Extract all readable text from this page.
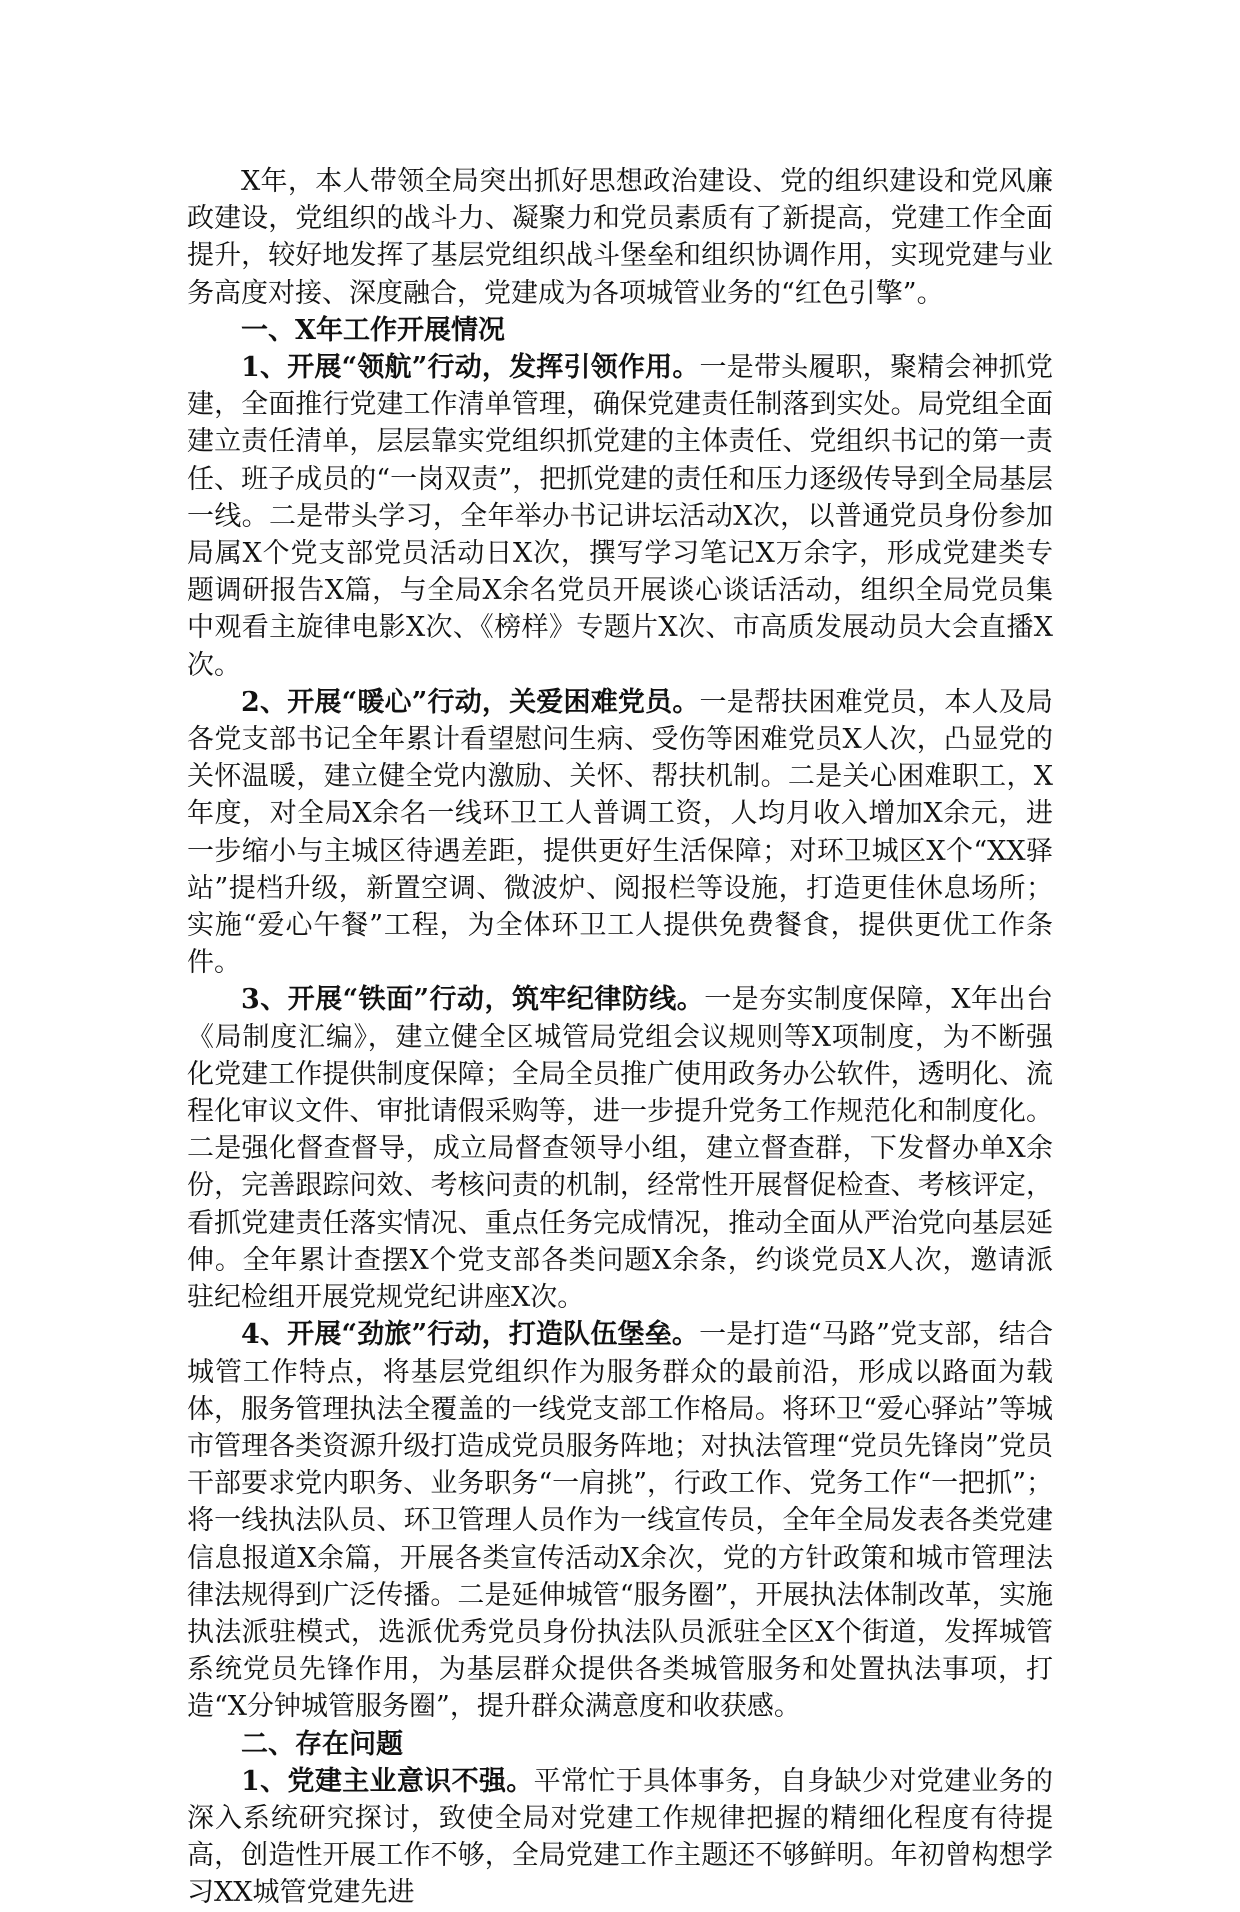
X年，本人带领全局突出抓好思想政治建设、党的组织建设和党风廉政建设，党组织的战斗力、凝聚力和党员素质有了新提高，党建工作全面提升，较好地发挥了基层党组织战斗堡垒和组织协调作用，实现党建与业务高度对接、深度融合，党建成为各项城管业务的“红色引擎”。

一、X年工作开展情况

1、开展“领航”行动，发挥引领作用。一是带头履职，聚精会神抓党建，全面推行党建工作清单管理，确保党建责任制落到实处。局党组全面建立责任清单，层层靠实党组织抓党建的主体责任、党组织书记的第一责任、班子成员的“一岗双责”，把抓党建的责任和压力逐级传导到全局基层一线。二是带头学习，全年举办书记讲坛活动X次，以普通党员身份参加局属X个党支部党员活动日X次，撰写学习笔记X万余字，形成党建类专题调研报告X篇，与全局X余名党员开展谈心谈话活动，组织全局党员集中观看主旋律电影X次、《榜样》专题片X次、市高质发展动员大会直播X次。

2、开展“暖心”行动，关爱困难党员。一是帮扶困难党员，本人及局各党支部书记全年累计看望慰问生病、受伤等困难党员X人次，凸显党的关怀温暖，建立健全党内激励、关怀、帮扶机制。二是关心困难职工，X年度，对全局X余名一线环卫工人普调工资，人均月收入增加X余元，进一步缩小与主城区待遇差距，提供更好生活保障；对环卫城区X个“XX驿站”提档升级，新置空调、微波炉、阅报栏等设施，打造更佳休息场所；实施“爱心午餐”工程，为全体环卫工人提供免费餐食，提供更优工作条件。

3、开展“铁面”行动，筑牢纪律防线。一是夯实制度保障，X年出台《局制度汇编》，建立健全区城管局党组会议规则等X项制度，为不断强化党建工作提供制度保障；全局全员推广使用政务办公软件，透明化、流程化审议文件、审批请假采购等，进一步提升党务工作规范化和制度化。二是强化督查督导，成立局督查领导小组，建立督查群，下发督办单X余份，完善跟踪问效、考核问责的机制，经常性开展督促检查、考核评定，看抓党建责任落实情况、重点任务完成情况，推动全面从严治党向基层延伸。全年累计查摆X个党支部各类问题X余条，约谈党员X人次，邀请派驻纪检组开展党规党纪讲座X次。

4、开展“劲旅”行动，打造队伍堡垒。一是打造“马路”党支部，结合城管工作特点，将基层党组织作为服务群众的最前沿，形成以路面为载体，服务管理执法全覆盖的一线党支部工作格局。将环卫“爱心驿站”等城市管理各类资源升级打造成党员服务阵地；对执法管理“党员先锋岗”党员干部要求党内职务、业务职务“一肩挑”，行政工作、党务工作“一把抓”；将一线执法队员、环卫管理人员作为一线宣传员，全年全局发表各类党建信息报道X余篇，开展各类宣传活动X余次，党的方针政策和城市管理法律法规得到广泛传播。二是延伸城管“服务圈”，开展执法体制改革，实施执法派驻模式，选派优秀党员身份执法队员派驻全区X个街道，发挥城管系统党员先锋作用，为基层群众提供各类城管服务和处置执法事项，打造“X分钟城管服务圈”，提升群众满意度和收获感。

二、存在问题

1、党建主业意识不强。平常忙于具体事务，自身缺少对党建业务的深入系统研究探讨，致使全局对党建工作规律把握的精细化程度有待提高，创造性开展工作不够，全局党建工作主题还不够鲜明。年初曾构想学习XX城管党建先进
